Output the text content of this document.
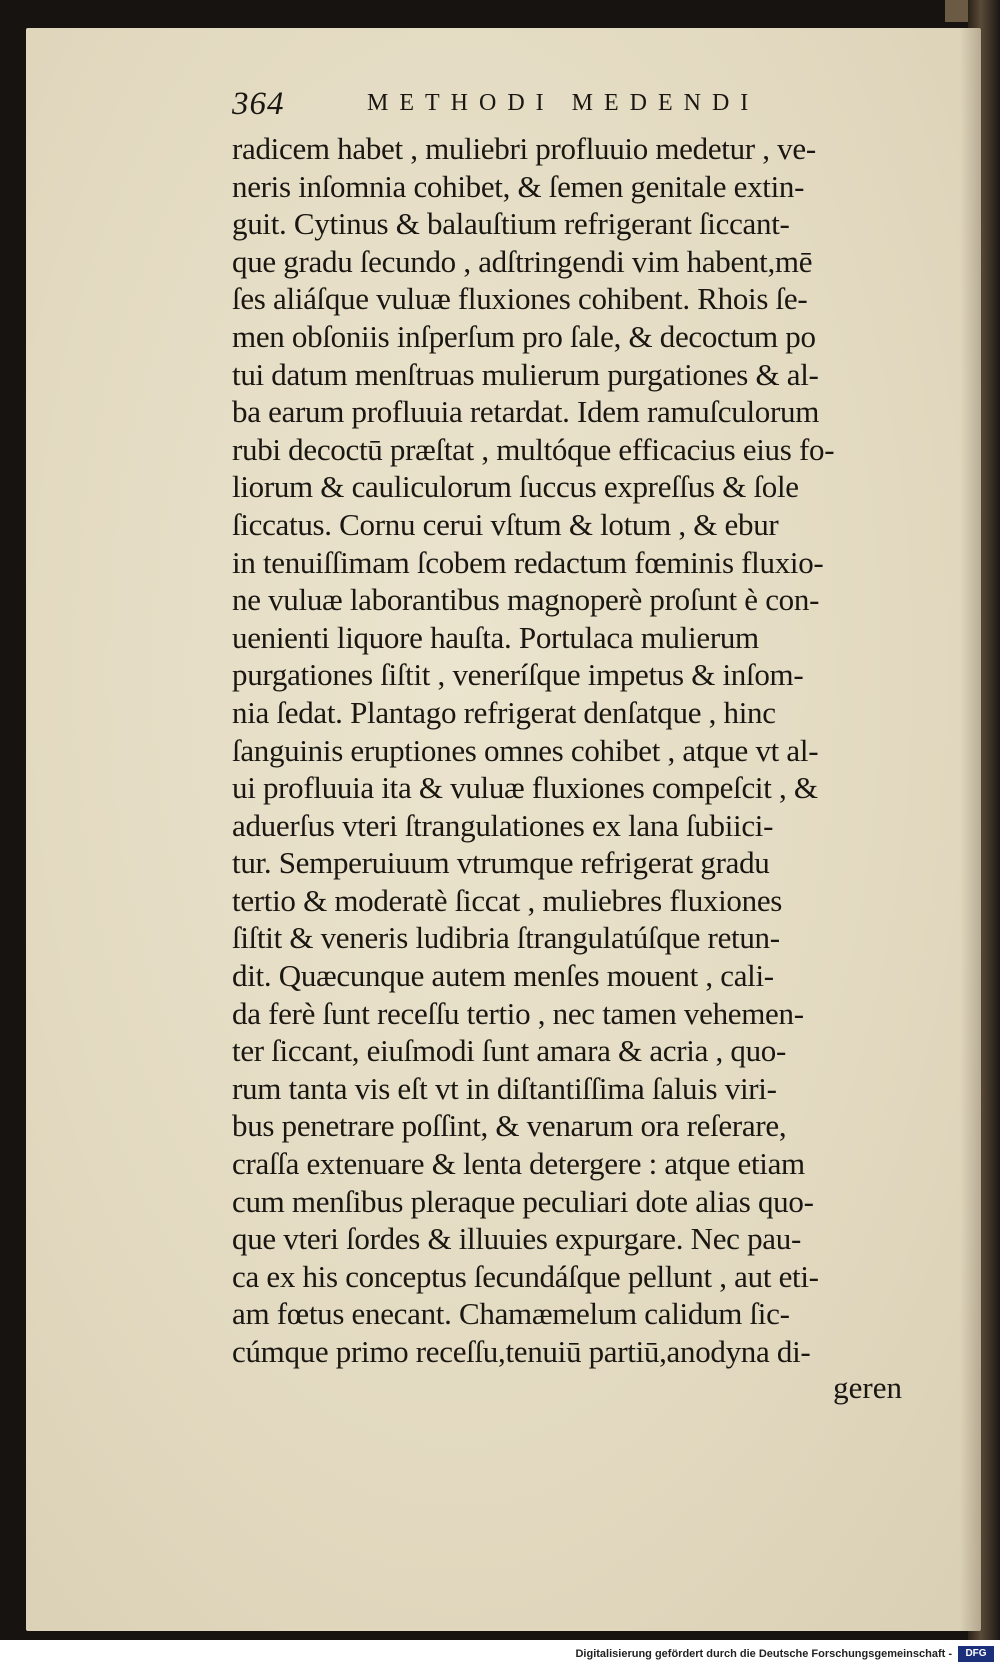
364	METHODI MEDENDI
radicem habet , muliebri profluuio medetur , ve-
neris inſomnia cohibet, & ſemen genitale extin-
guit. Cytinus & balauſtium refrigerant ſiccant-
que gradu ſecundo , adſtringendi vim habent,mē
ſes aliáſque vuluæ fluxiones cohibent. Rhois ſe-
men obſoniis inſperſum pro ſale, & decoctum po
tui datum menſtruas mulierum purgationes & al-
ba earum profluuia retardat. Idem ramuſculorum
rubi decoctū præſtat , multóque efficacius eius fo-
liorum & cauliculorum ſuccus expreſſus & ſole
ſiccatus. Cornu cerui vſtum & lotum , & ebur
in tenuiſſimam ſcobem redactum fœminis fluxio-
ne vuluæ laborantibus magnoperè proſunt è con-
uenienti liquore hauſta. Portulaca mulierum
purgationes ſiſtit , veneríſque impetus & inſom-
nia ſedat. Plantago refrigerat denſatque , hinc
ſanguinis eruptiones omnes cohibet , atque vt al-
ui profluuia ita & vuluæ fluxiones compeſcit , &
aduerſus vteri ſtrangulationes ex lana ſubiici-
tur. Semperuiuum vtrumque refrigerat gradu
tertio & moderatè ſiccat , muliebres fluxiones
ſiſtit & veneris ludibria ſtrangulatúſque retun-
dit. Quæcunque autem menſes mouent , cali-
da ferè ſunt receſſu tertio , nec tamen vehemen-
ter ſiccant, eiuſmodi ſunt amara & acria , quo-
rum tanta vis eſt vt in diſtantiſſima ſaluis viri-
bus penetrare poſſint, & venarum ora reſerare,
craſſa extenuare & lenta detergere : atque etiam
cum menſibus pleraque peculiari dote alias quo-
que vteri ſordes & illuuies expurgare. Nec pau-
ca ex his conceptus ſecundáſque pellunt , aut eti-
am fœtus enecant. Chamæmelum calidum ſic-
cúmque primo receſſu,tenuiū partiū,anodyna di-
geren
Digitalisierung gefördert durch die Deutsche Forschungsgemeinschaft -	DFG
